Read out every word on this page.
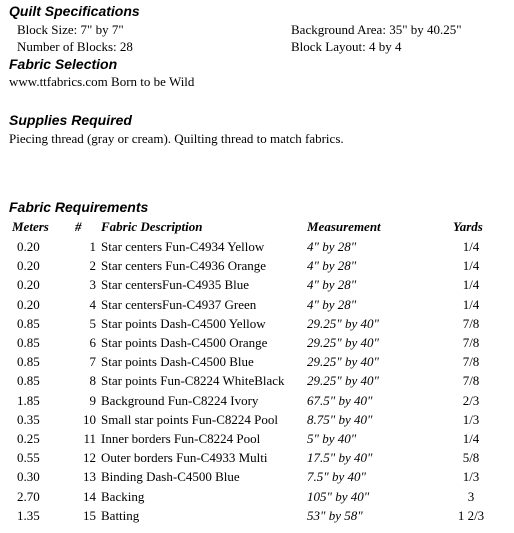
Quilt Specifications
Block Size: 7" by 7"
Number of Blocks: 28
Background Area: 35" by 40.25"
Block Layout: 4 by 4
Fabric Selection
www.ttfabrics.com Born to be Wild
Supplies Required
Piecing thread (gray or cream). Quilting thread to match fabrics.
Fabric Requirements
Meters # Fabric Description	Measurement	Yards
0.20	1 Star centers Fun-C4934 Yellow	4" by 28"	1/4
0.20	2 Star centers Fun-C4936 Orange	4" by 28"	1/4
0.20	3 Star centersFun-C4935 Blue	4" by 28"	1/4
0.20	4 Star centersFun-C4937 Green	4" by 28"	1/4
0.85	5 Star points Dash-C4500 Yellow	29.25" by 40"	7/8
0.85	6 Star points Dash-C4500 Orange	29.25" by 40"	7/8
0.85	7 Star points Dash-C4500 Blue	29.25" by 40"	7/8
0.85	8 Star points Fun-C8224 WhiteBlack 29.25" by 40"	7/8
1.85	9 Background Fun-C8224 Ivory	67.5" by 40"	2/3
0.35	10 Small star points Fun-C8224 Pool 8.75" by 40"	1/3
0.25	11 Inner borders Fun-C8224 Pool	5" by 40"	1/4
0.55	12 Outer borders Fun-C4933 Multi	17.5" by 40"	5/8
0.30	13 Binding Dash-C4500 Blue	7.5" by 40"	1/3
2.70	14 Backing	105" by 40"	3
1.35	15 Batting	53" by 58"	1 2/3
